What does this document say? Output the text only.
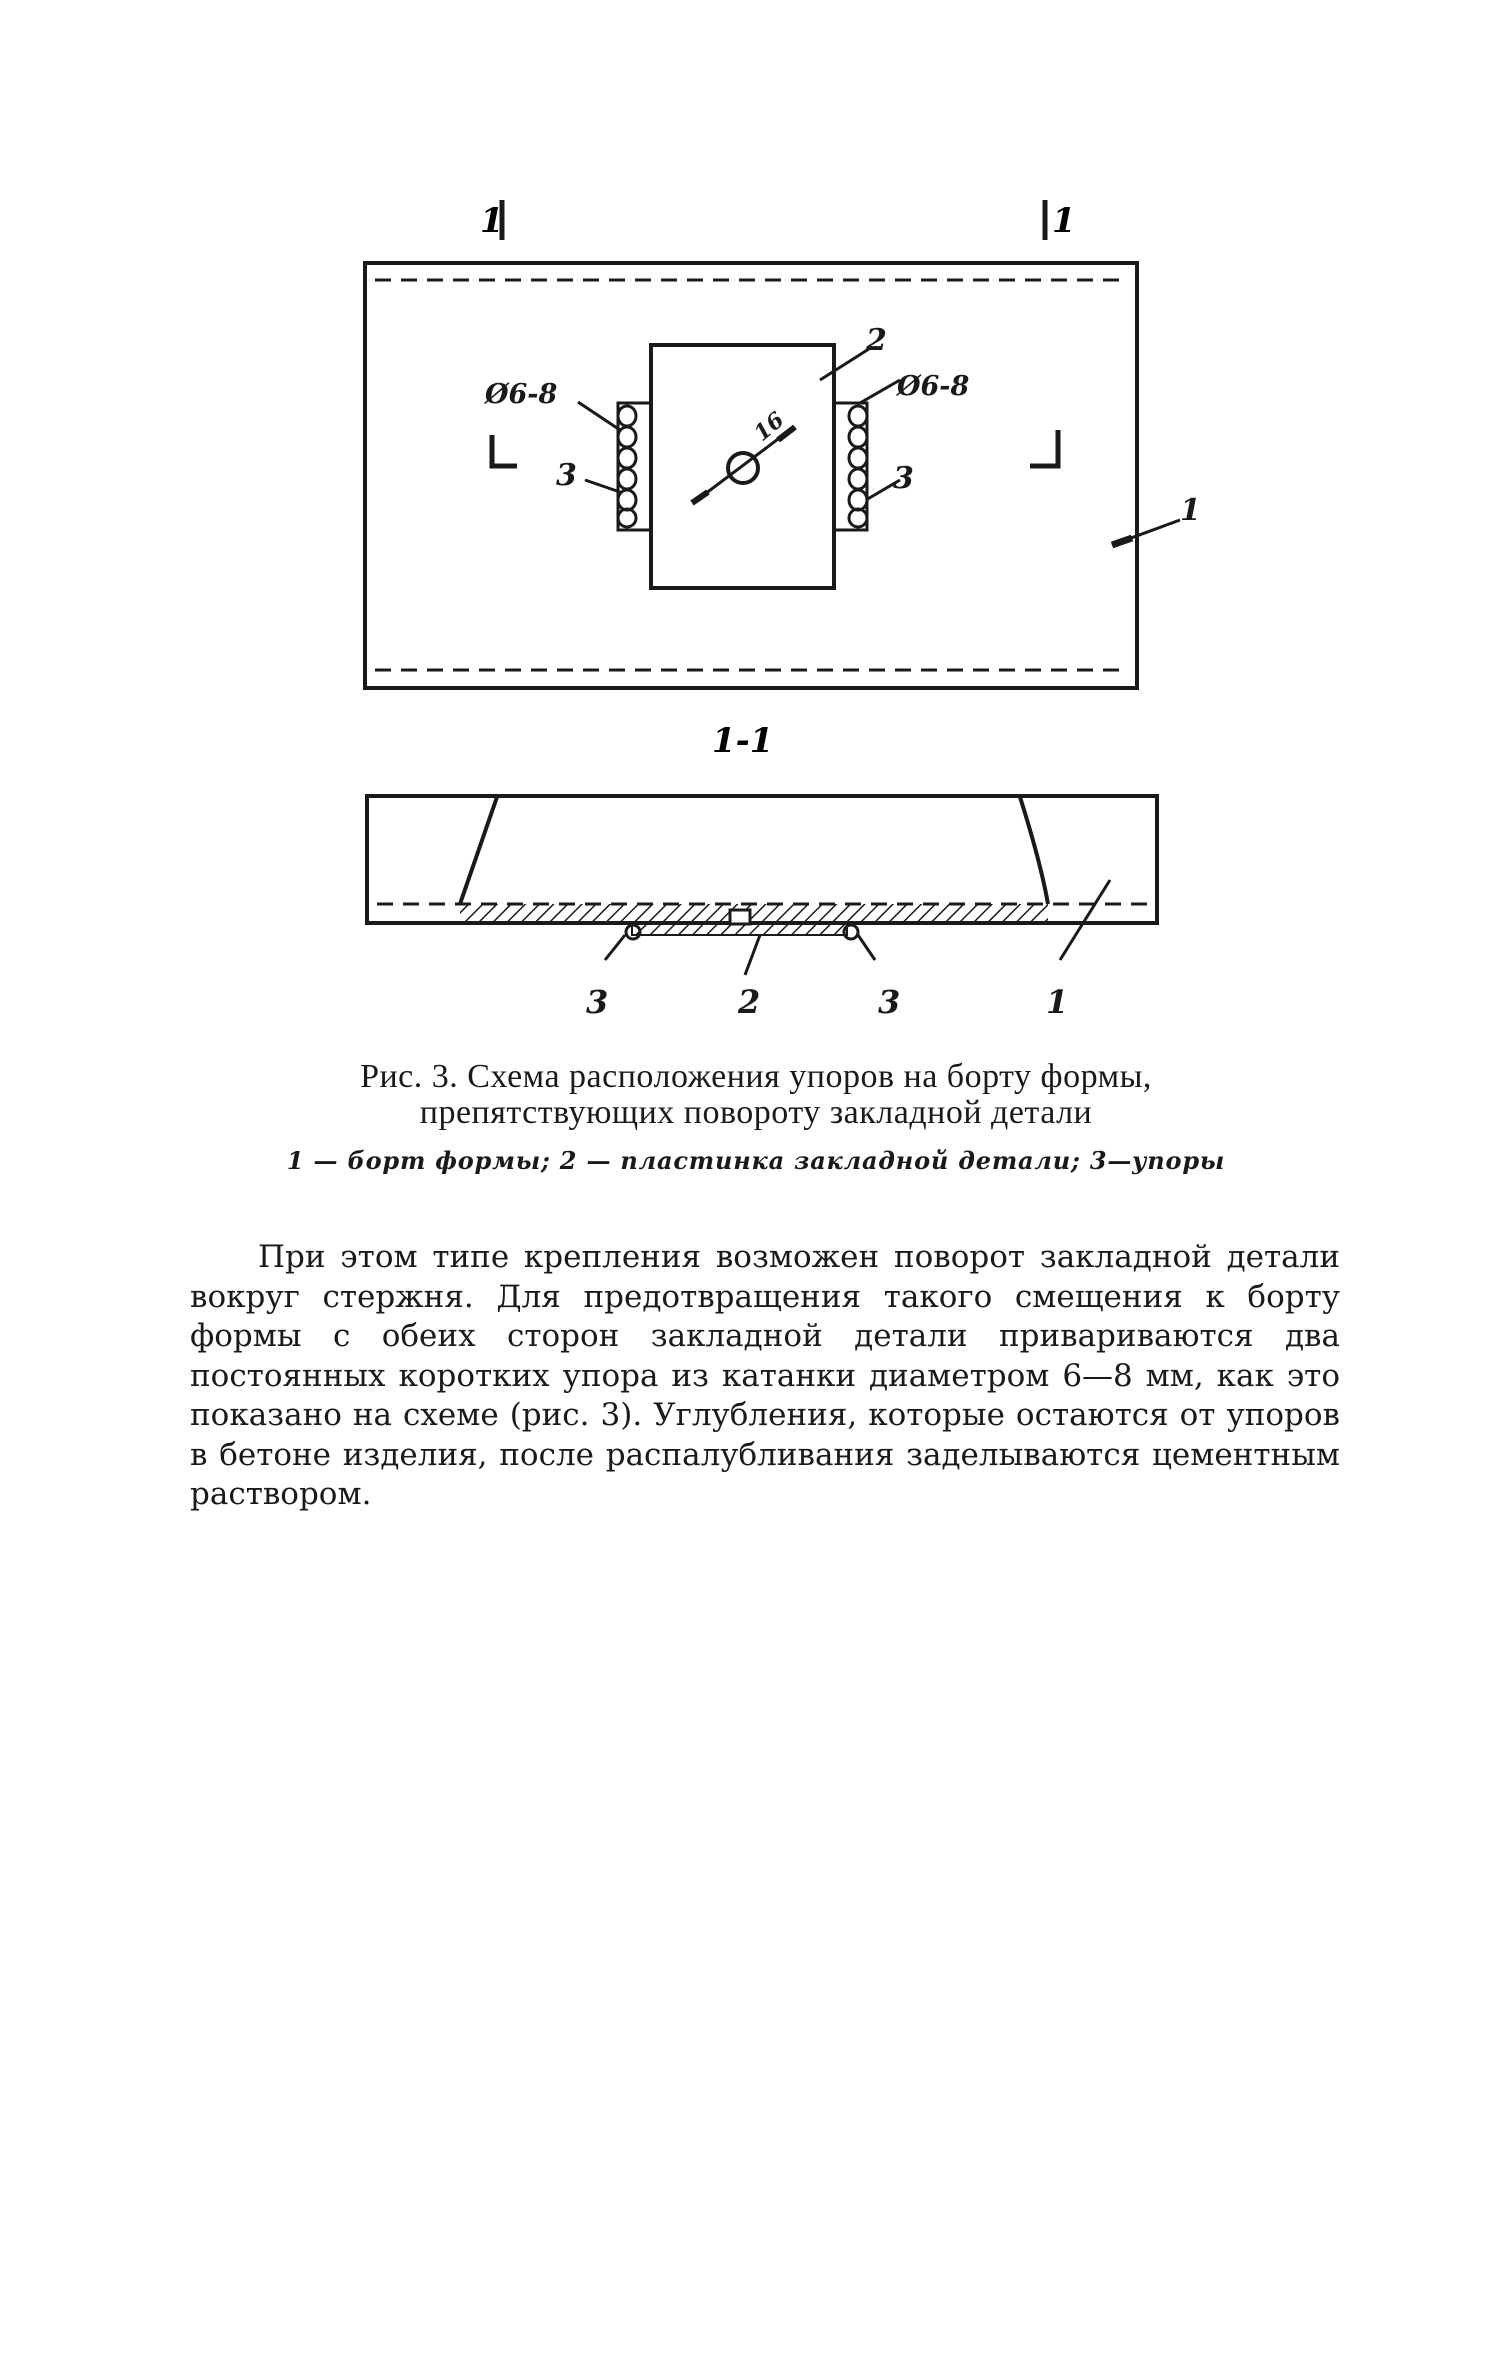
1	1
2
Ø6-8	Ø6-8
3	3
16
1
1-1
3	2	3	1
Рис. 3. Схема расположения упоров на борту формы,
препятствующих повороту закладной детали
1 — борт формы; 2 — пластинка закладной детали; 3—упоры
При этом типе крепления возможен поворот закладной детали вокруг стержня. Для предотвращения такого смещения к борту формы с обеих сторон закладной детали привариваются два постоянных коротких упора из катанки диаметром 6—8 мм, как это показано на схеме (рис. 3). Углубления, которые остаются от упоров в бетоне изделия, после распалубливания заделываются цементным раствором.
